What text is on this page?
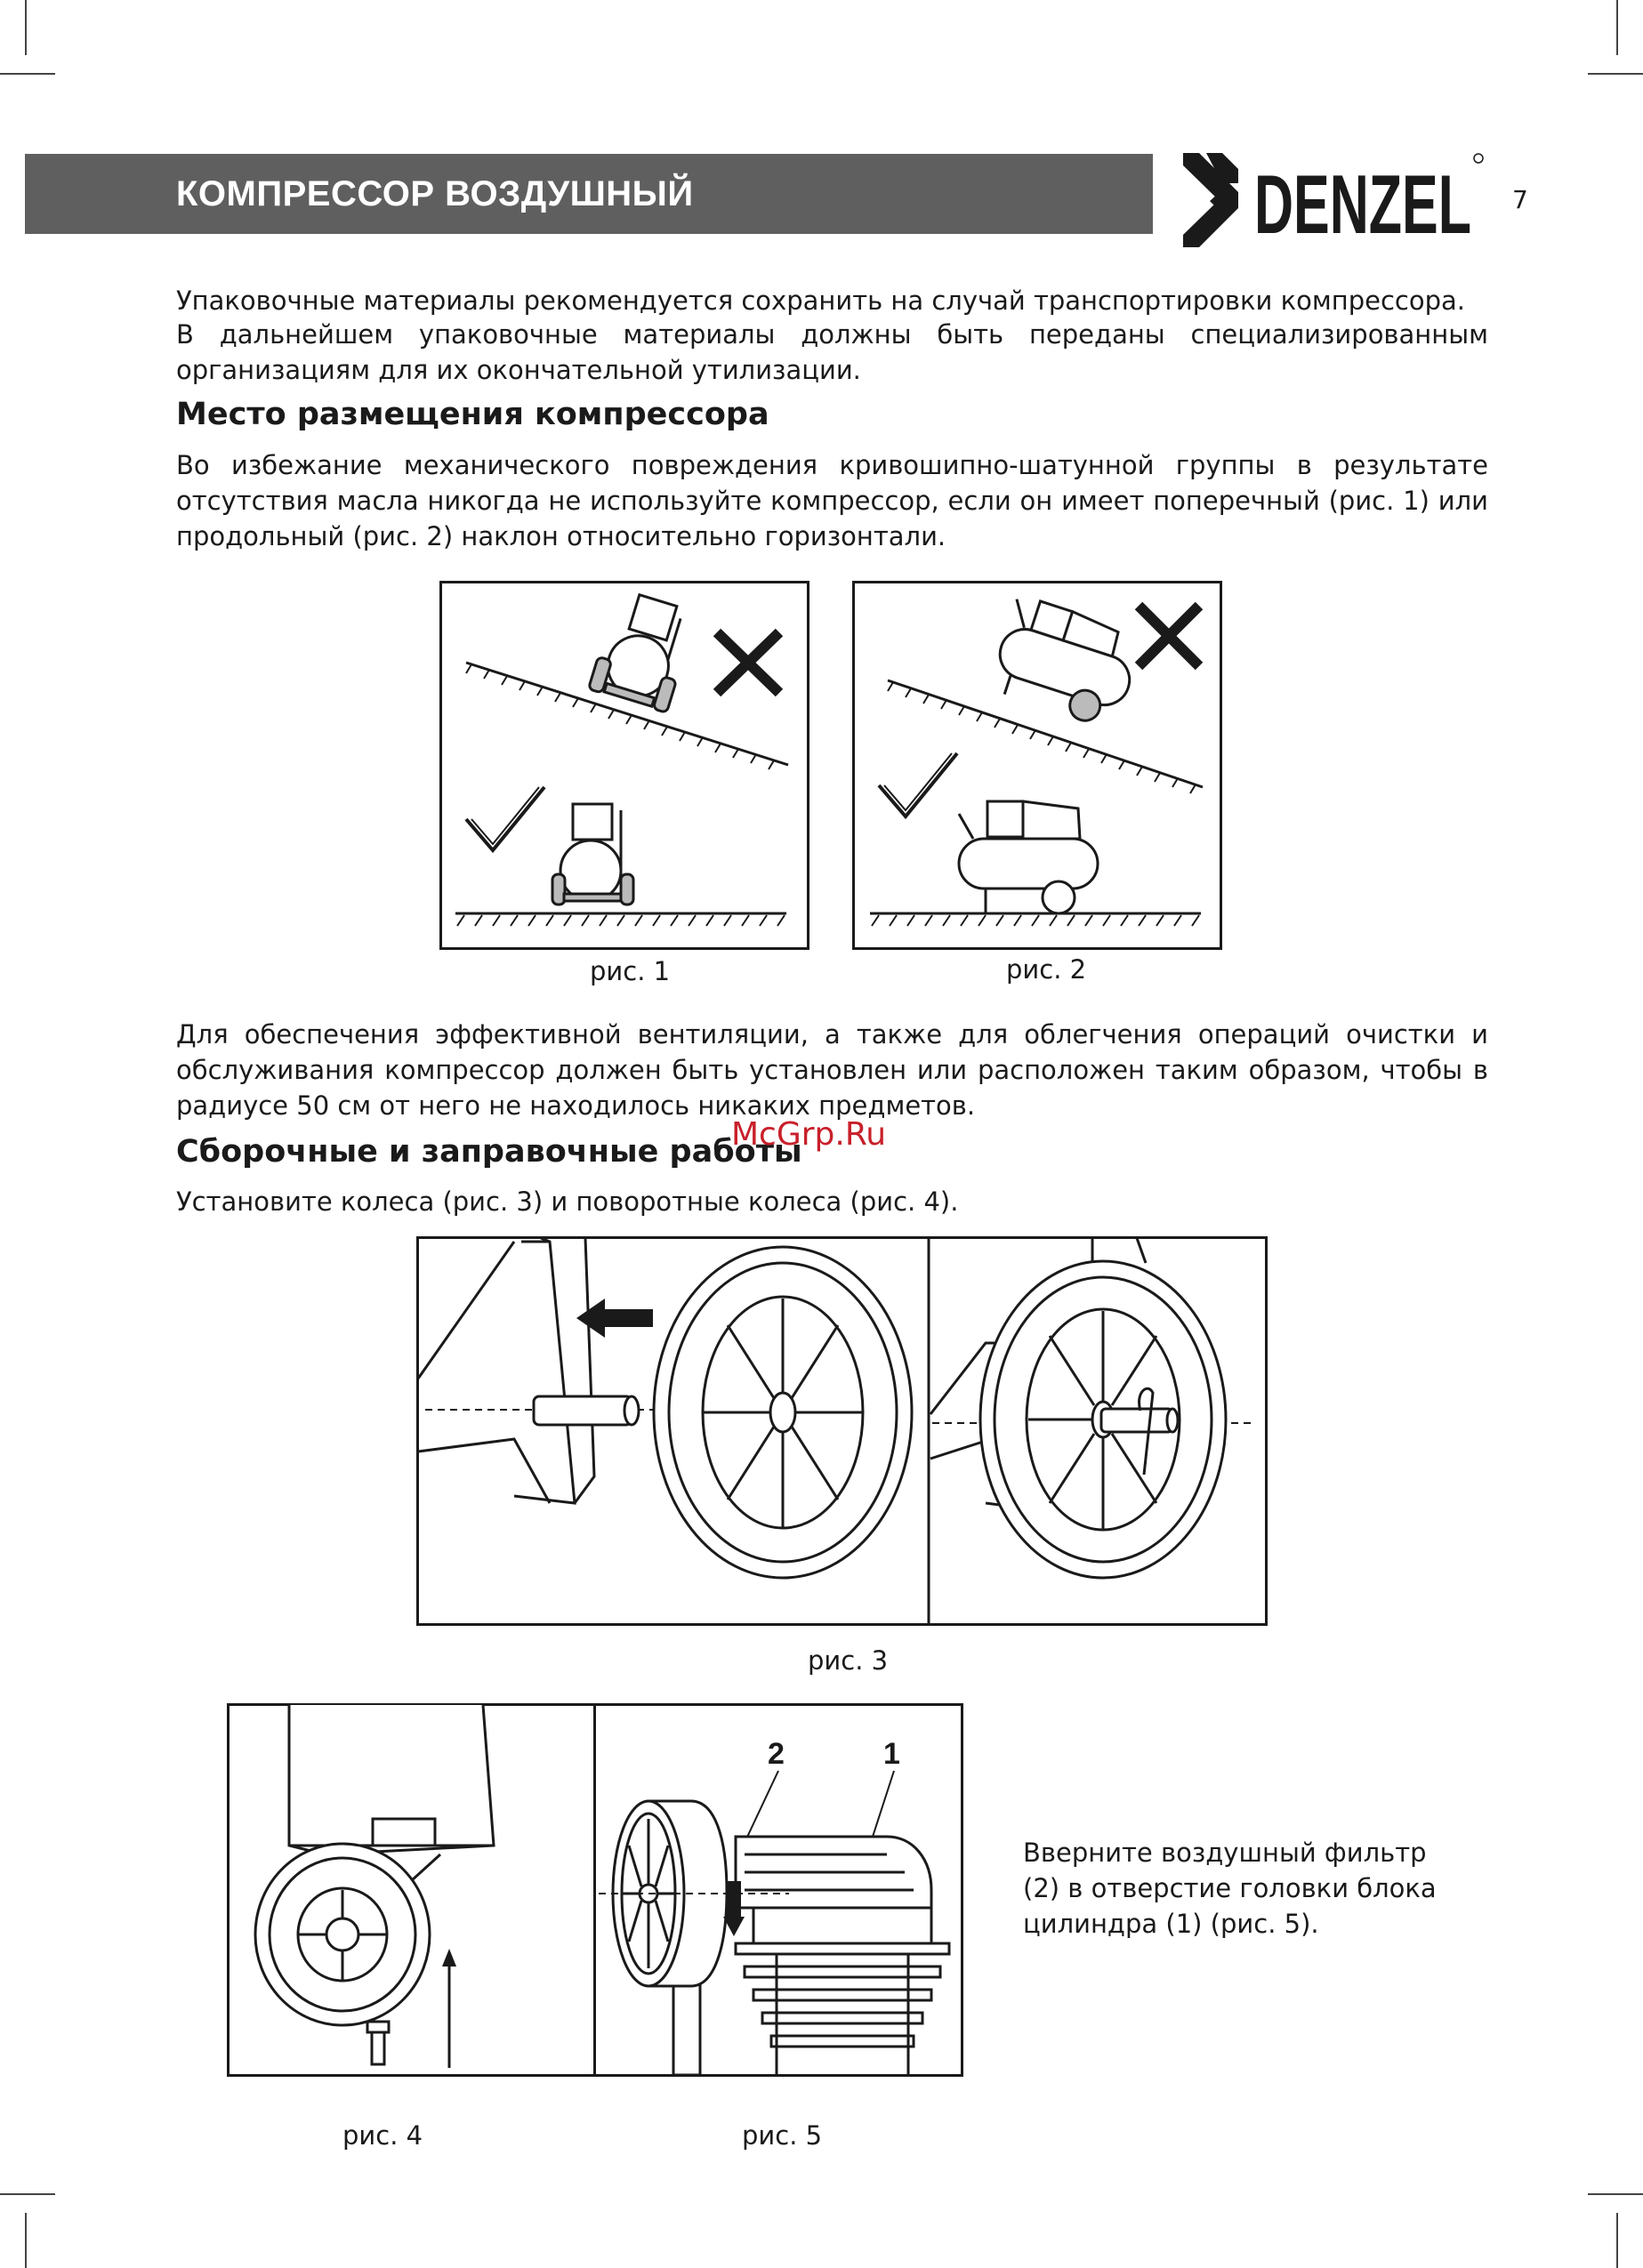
КОМПРЕССОР ВОЗДУШНЫЙ	DENZEL 7
Упаковочные материалы рекомендуется сохранить на случай транспортировки компрессора.
В дальнейшем упаковочные материалы должны быть переданы специализированным организациям для их окончательной утилизации.
Место размещения компрессора
Во избежание механического повреждения кривошипно-шатунной группы в результате отсутствия масла никогда не используйте компрессор, если он имеет поперечный (рис. 1) или продольный (рис. 2) наклон относительно горизонтали.
рис. 1	рис. 2
Для обеспечения эффективной вентиляции, а также для облегчения операций очистки и обслуживания компрессор должен быть установлен или расположен таким образом, чтобы в радиусе 50 см от него не находилось никаких предметов.
Сборочные и заправочные работы
McGrp.Ru
Установите колеса (рис. 3) и поворотные колеса (рис. 4).
рис. 3
рис. 4
2	1
рис. 5
Вверните воздушный фильтр (2) в отверстие головки блока цилиндра (1) (рис. 5).
